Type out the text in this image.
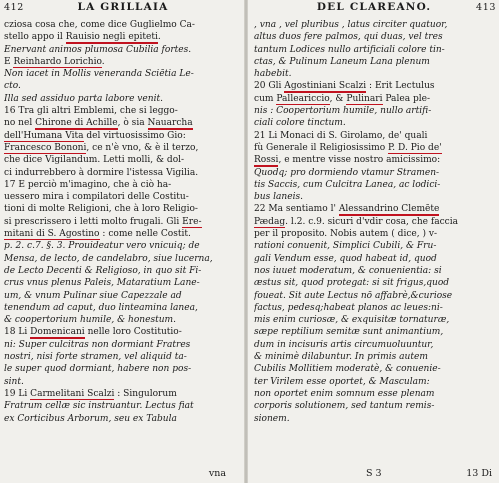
412	LA GRILLAIA
cziosa cosa che, come dice Guglielmo Ca-
stello appo il Rauisio negli epiteti.
Enervant animos plumosa Cubilia fortes.
E Reinhardo Lorichio.
Non iacet in Mollis veneranda Sciētia Le-
cto.
Illa sed assiduo parta labore venit.
16 Tra gli altri Emblemi, che si leggo-
no nel Chirone di Achille, ò sia Nauarcha
dell'Humana Vita del virtuosissimo Gio:
Francesco Bononi, ce n'è vno, & è il terzo,
che dice Vigilandum. Letti molli, & dol-
ci indurrebbero à dormire l'istessa Vigilia.
17 E perciò m'imagino, che à ciò ha-
uessero mira i compilatori delle Costitu-
tioni di molte Religioni, che à loro Religio-
si prescrissero i letti molto frugali. Gli Ere-
mitani di S. Agostino : come nelle Costit.
p. 2. c.7. §. 3. Prouideatur vero vnicuiq; de
Mensa, de lecto, de candelabro, siue lucerna,
de Lecto Decenti & Religioso, in quo sit Fi-
crus vnus plenus Paleis, Mataratium Lane-
um, & vnum Pulinar siue Capezzale ad
tenendum ad caput, duo linteamina lanea,
& coopertorium humile, & honestum.
18 Li Domenicani nelle loro Costitutio-
ni: Super culcitras non dormiant Fratres
nostri, nisi forte stramen, vel aliquid ta-
le super quod dormiant, habere non pos-
sint.
19 Li Carmelitani Scalzi : Singulorum
Fratrum cellæ sic instruantur. Lectus fiat
ex Corticibus Arborum, seu ex Tabula
vna
DEL CLAREANO.	413
, vna , vel pluribus , latus circiter quatuor,
altus duos fere palmos, qui duas, vel tres
tantum Lodices nullo artificiali colore tin-
ctas, & Pulinum Laneum Lana plenum
habebit.
20 Gli Agostiniani Scalzi : Erit Lectulus
cum Palleariccio, & Pulinari Palea ple-
nis : Coopertorium humile, nullo artifi-
ciali colore tinctum.
21 Li Monaci di S. Girolamo, de' quali
fù Generale il Religiosissimo P. D. Pio de'
Rossi, e mentre visse nostro amicissimo:
Quodq; pro dormiendo vtamur Stramen-
tis Saccis, cum Culcitra Lanea, ac lodici-
bus laneis.
22 Ma sentiamo l' Alessandrino Clemēte
Pædag. l.2. c.9. sicuri d'vdir cosa, che faccia
per il proposito. Nobis autem ( dice, ) v-
rationi conuenit, Simplici Cubili, & Fru-
gali Vendum esse, quod habeat id, quod
nos iuuet moderatum, & conuenientia: si
æstus sit, quod protegat: si sit frigus,quod
foueat. Sit aute Lectus nō affabrè,&curiose
factus, pedesq;habeat planos ac leues:ni-
mis enim curiosæ, & exquisitæ tornaturæ,
sæpe reptilium semitæ sunt animantium,
dum in incisuris artis circumuoluuntur,
& minimè dilabuntur. In primis autem
Cubilis Mollitiem moderatè, & conuenie-
ter Virilem esse oportet, & Masculam:
non oportet enim somnum esse plenam
corporis solutionem, sed tantum remis-
sionem.
S 3	13 Di
